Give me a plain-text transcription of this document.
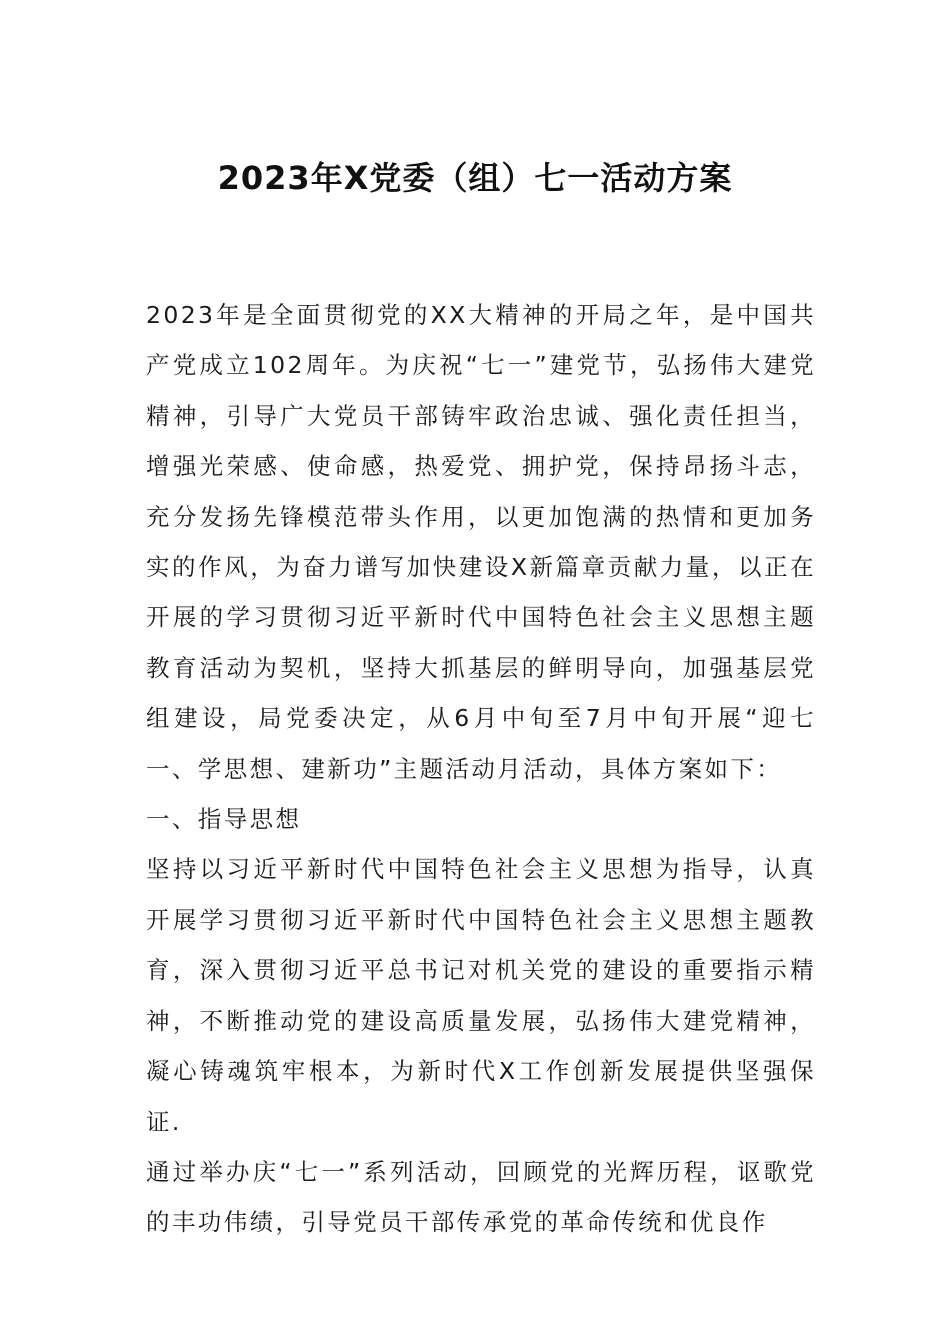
2023年X党委（组）七一活动方案

2023年是全面贯彻党的XX大精神的开局之年，是中国共产党成立102周年。为庆祝“七一”建党节，弘扬伟大建党精神，引导广大党员干部铸牢政治忠诚、强化责任担当，增强光荣感、使命感，热爱党、拥护党，保持昂扬斗志，充分发扬先锋模范带头作用，以更加饱满的热情和更加务实的作风，为奋力谱写加快建设X新篇章贡献力量，以正在开展的学习贯彻习近平新时代中国特色社会主义思想主题教育活动为契机，坚持大抓基层的鲜明导向，加强基层党组建设，局党委决定，从6月中旬至7月中旬开展“迎七一、学思想、建新功”主题活动月活动，具体方案如下：

一、指导思想

坚持以习近平新时代中国特色社会主义思想为指导，认真开展学习贯彻习近平新时代中国特色社会主义思想主题教育，深入贯彻习近平总书记对机关党的建设的重要指示精神，不断推动党的建设高质量发展，弘扬伟大建党精神，凝心铸魂筑牢根本，为新时代X工作创新发展提供坚强保证.

通过举办庆“七一”系列活动，回顾党的光辉历程，讴歌党的丰功伟绩，引导党员干部传承党的革命传统和优良作
